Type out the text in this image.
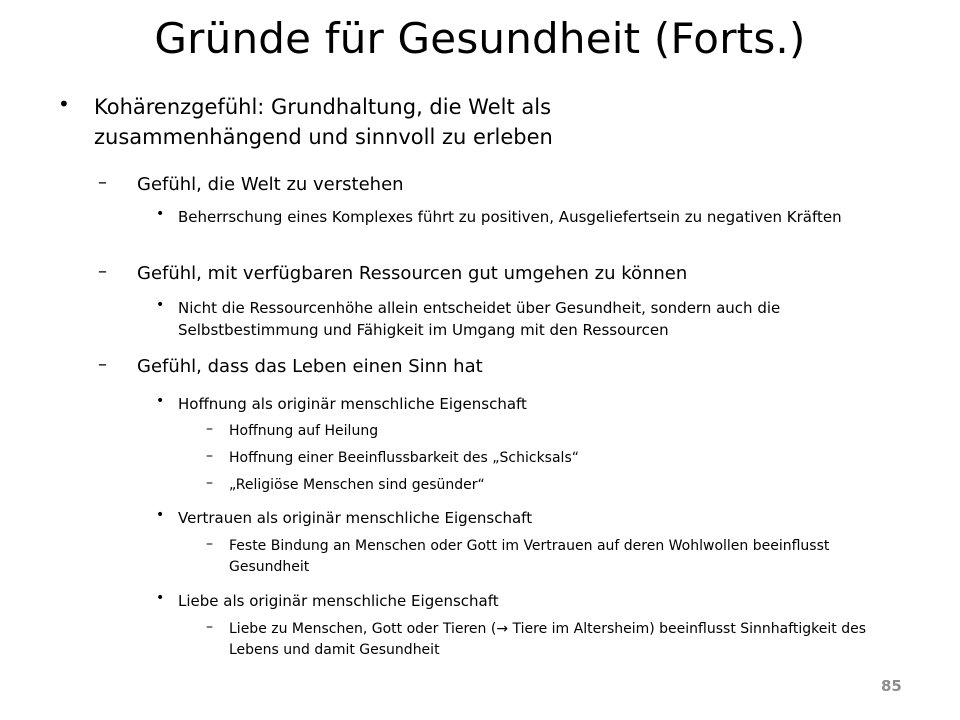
Gründe für Gesundheit (Forts.)
• Kohärenzgefühl: Grundhaltung, die Welt als zusammenhängend und sinnvoll zu erleben
– Gefühl, die Welt zu verstehen
• Beherrschung eines Komplexes führt zu positiven, Ausgeliefertsein zu negativen Kräften
– Gefühl, mit verfügbaren Ressourcen gut umgehen zu können
• Nicht die Ressourcenhöhe allein entscheidet über Gesundheit, sondern auch die Selbstbestimmung und Fähigkeit im Umgang mit den Ressourcen
– Gefühl, dass das Leben einen Sinn hat
• Hoffnung als originär menschliche Eigenschaft
– Hoffnung auf Heilung
– Hoffnung einer Beeinflussbarkeit des „Schicksals“
– „Religiöse Menschen sind gesünder“
• Vertrauen als originär menschliche Eigenschaft
– Feste Bindung an Menschen oder Gott im Vertrauen auf deren Wohlwollen beeinflusst Gesundheit
• Liebe als originär menschliche Eigenschaft
– Liebe zu Menschen, Gott oder Tieren (→ Tiere im Altersheim) beeinflusst Sinnhaftigkeit des Lebens und damit Gesundheit
85
